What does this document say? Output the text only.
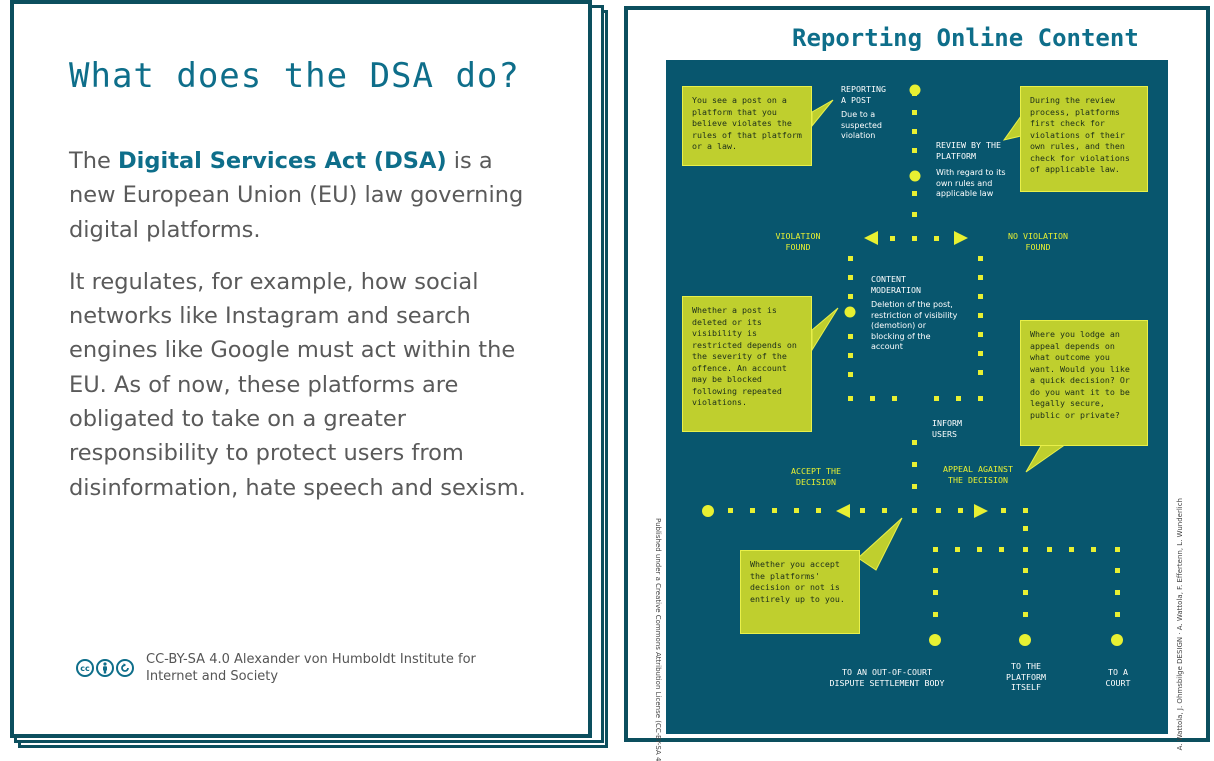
What does the DSA do?

The Digital Services Act (DSA) is a new European Union (EU) law governing digital platforms.

It regulates, for example, how social networks like Instagram and search engines like Google must act within the EU. As of now, these platforms are obligated to take on a greater responsibility to protect users from disinformation, hate speech and sexism.

cc
CC-BY-SA 4.0 Alexander von Humboldt Institute for Internet and Society
Reporting Online Content
Published under a Creative Commons Attribution License (CC-BY-SA 4	A. Wattola, J. Ohmsbilge DESIGN · A. Wattola, F. Effertenn, L. Wunderlich
REPORTING
A POST
Due to a suspected violation
REVIEW BY THE
PLATFORM
With regard to its own rules and applicable law
VIOLATION
FOUND
NO VIOLATION
FOUND
CONTENT
MODERATION
Deletion of the post, restriction of visibility (demotion) or blocking of the account
INFORM
USERS
ACCEPT THE
DECISION
APPEAL AGAINST
THE DECISION
TO AN OUT-OF-COURT
DISPUTE SETTLEMENT BODY
TO THE
PLATFORM
ITSELF
TO A
COURT
You see a post on a platform that you believe violates the rules of that platform or a law.
During the review process, platforms first check for violations of their own rules, and then check for violations of applicable law.
Whether a post is deleted or its visibility is restricted depends on the severity of the offence. An account may be blocked following repeated violations.
Where you lodge an appeal depends on what outcome you want. Would you like a quick decision? Or do you want it to be legally secure, public or private?
Whether you accept the platforms' decision or not is entirely up to you.
